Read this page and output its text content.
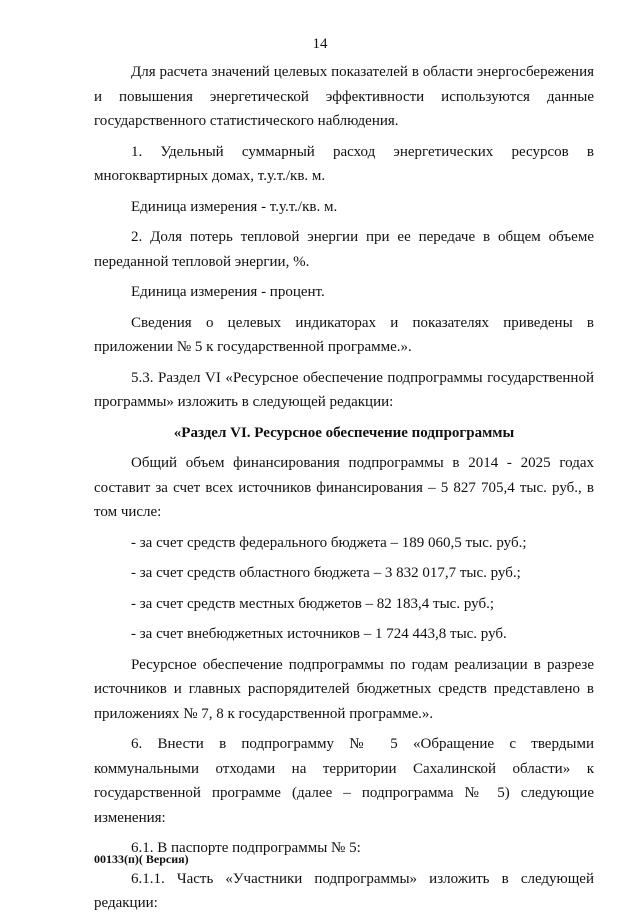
14

Для расчета значений целевых показателей в области энергосбережения и повышения энергетической эффективности используются данные государственного статистического наблюдения.

1. Удельный суммарный расход энергетических ресурсов в многоквартирных домах, т.у.т./кв. м.

Единица измерения - т.у.т./кв. м.

2. Доля потерь тепловой энергии при ее передаче в общем объеме переданной тепловой энергии, %.

Единица измерения - процент.

Сведения о целевых индикаторах и показателях приведены в приложении № 5 к государственной программе.».

5.3. Раздел VI «Ресурсное обеспечение подпрограммы государственной программы» изложить в следующей редакции:

«Раздел VI. Ресурсное обеспечение подпрограммы

Общий объем финансирования подпрограммы в 2014 - 2025 годах составит за счет всех источников финансирования – 5 827 705,4 тыс. руб., в том числе:

- за счет средств федерального бюджета – 189 060,5 тыс. руб.;

- за счет средств областного бюджета – 3 832 017,7 тыс. руб.;

- за счет средств местных бюджетов – 82 183,4 тыс. руб.;

- за счет внебюджетных источников – 1 724 443,8 тыс. руб.

Ресурсное обеспечение подпрограммы по годам реализации в разрезе источников и главных распорядителей бюджетных средств представлено в приложениях № 7, 8 к государственной программе.».

6. Внести в подпрограмму № 5 «Обращение с твердыми коммунальными отходами на территории Сахалинской области» к государственной программе (далее – подпрограмма № 5) следующие изменения:

6.1. В паспорте подпрограммы № 5:

6.1.1. Часть «Участники подпрограммы» изложить в следующей редакции:

00133(п)( Версия)
